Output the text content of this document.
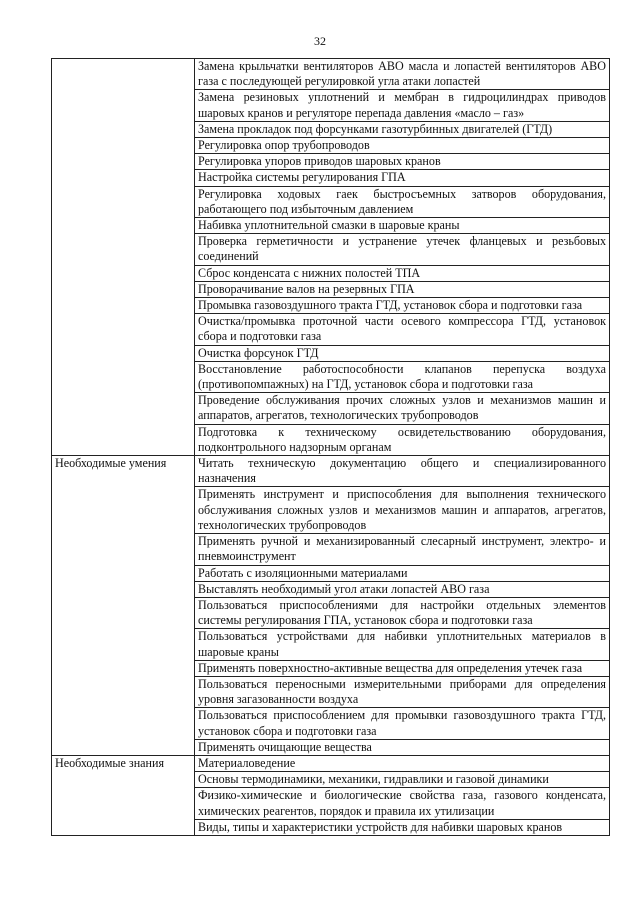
32
	Замена крыльчатки вентиляторов АВО масла и лопастей вентиляторов АВО газа с последующей регулировкой угла атаки лопастей
	Замена резиновых уплотнений и мембран в гидроцилиндрах приводов шаровых кранов и регуляторе перепада давления «масло – газ»
	Замена прокладок под форсунками газотурбинных двигателей (ГТД)
	Регулировка опор трубопроводов
	Регулировка упоров приводов шаровых кранов
	Настройка системы регулирования ГПА
	Регулировка ходовых гаек быстросъемных затворов оборудования, работающего под избыточным давлением
	Набивка уплотнительной смазки в шаровые краны
	Проверка герметичности и устранение утечек фланцевых и резьбовых соединений
	Сброс конденсата с нижних полостей ТПА
	Проворачивание валов на резервных ГПА
	Промывка газовоздушного тракта ГТД, установок сбора и подготовки газа
	Очистка/промывка проточной части осевого компрессора ГТД, установок сбора и подготовки газа
	Очистка форсунок ГТД
	Восстановление работоспособности клапанов перепуска воздуха (противопомпажных) на ГТД, установок сбора и подготовки газа
	Проведение обслуживания прочих сложных узлов и механизмов машин и аппаратов, агрегатов, технологических трубопроводов
	Подготовка к техническому освидетельствованию оборудования, подконтрольного надзорным органам
Необходимые умения	Читать техническую документацию общего и специализированного назначения
	Применять инструмент и приспособления для выполнения технического обслуживания сложных узлов и механизмов машин и аппаратов, агрегатов, технологических трубопроводов
	Применять ручной и механизированный слесарный инструмент, электро- и пневмоинструмент
	Работать с изоляционными материалами
	Выставлять необходимый угол атаки лопастей АВО газа
	Пользоваться приспособлениями для настройки отдельных элементов системы регулирования ГПА, установок сбора и подготовки газа
	Пользоваться устройствами для набивки уплотнительных материалов в шаровые краны
	Применять поверхностно-активные вещества для определения утечек газа
	Пользоваться переносными измерительными приборами для определения уровня загазованности воздуха
	Пользоваться приспособлением для промывки газовоздушного тракта ГТД, установок сбора и подготовки газа
	Применять очищающие вещества
Необходимые знания	Материаловедение
	Основы термодинамики, механики, гидравлики и газовой динамики
	Физико-химические и биологические свойства газа, газового конденсата, химических реагентов, порядок и правила их утилизации
	Виды, типы и характеристики устройств для набивки шаровых кранов
